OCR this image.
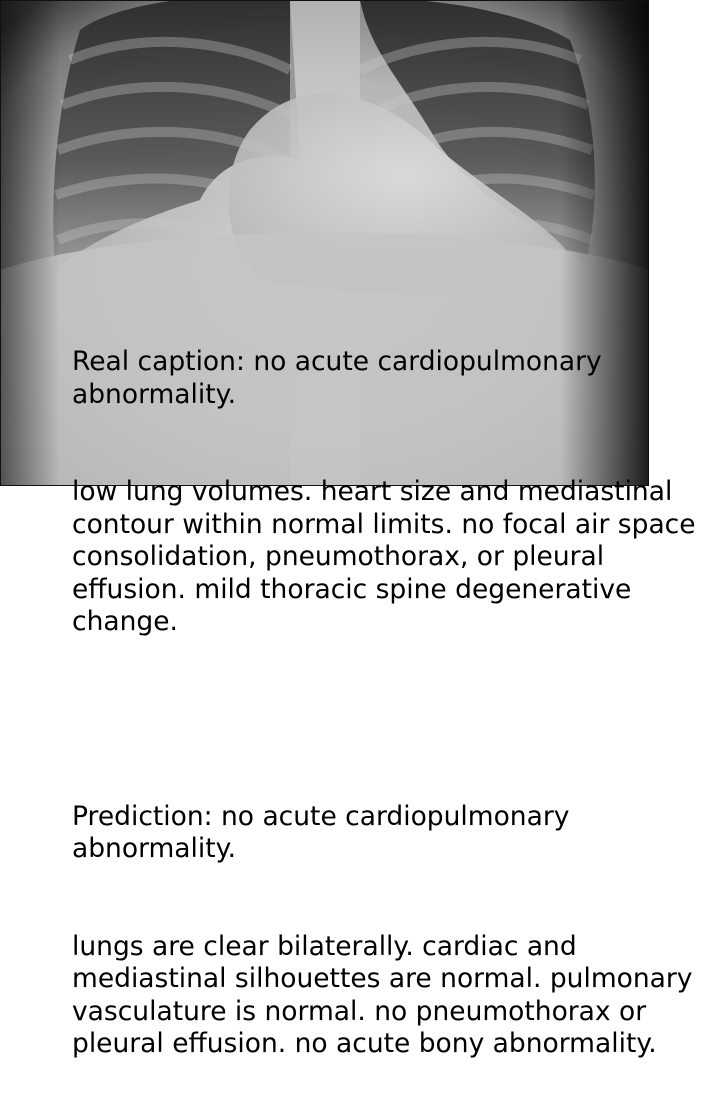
Real caption: no acute cardiopulmonary abnormality.

low lung volumes. heart size and mediastinal contour within normal limits. no focal air space consolidation, pneumothorax, or pleural effusion. mild thoracic spine degenerative change.

Prediction: no acute cardiopulmonary abnormality.

lungs are clear bilaterally. cardiac and mediastinal silhouettes are normal. pulmonary vasculature is normal. no pneumothorax or pleural effusion. no acute bony abnormality.
